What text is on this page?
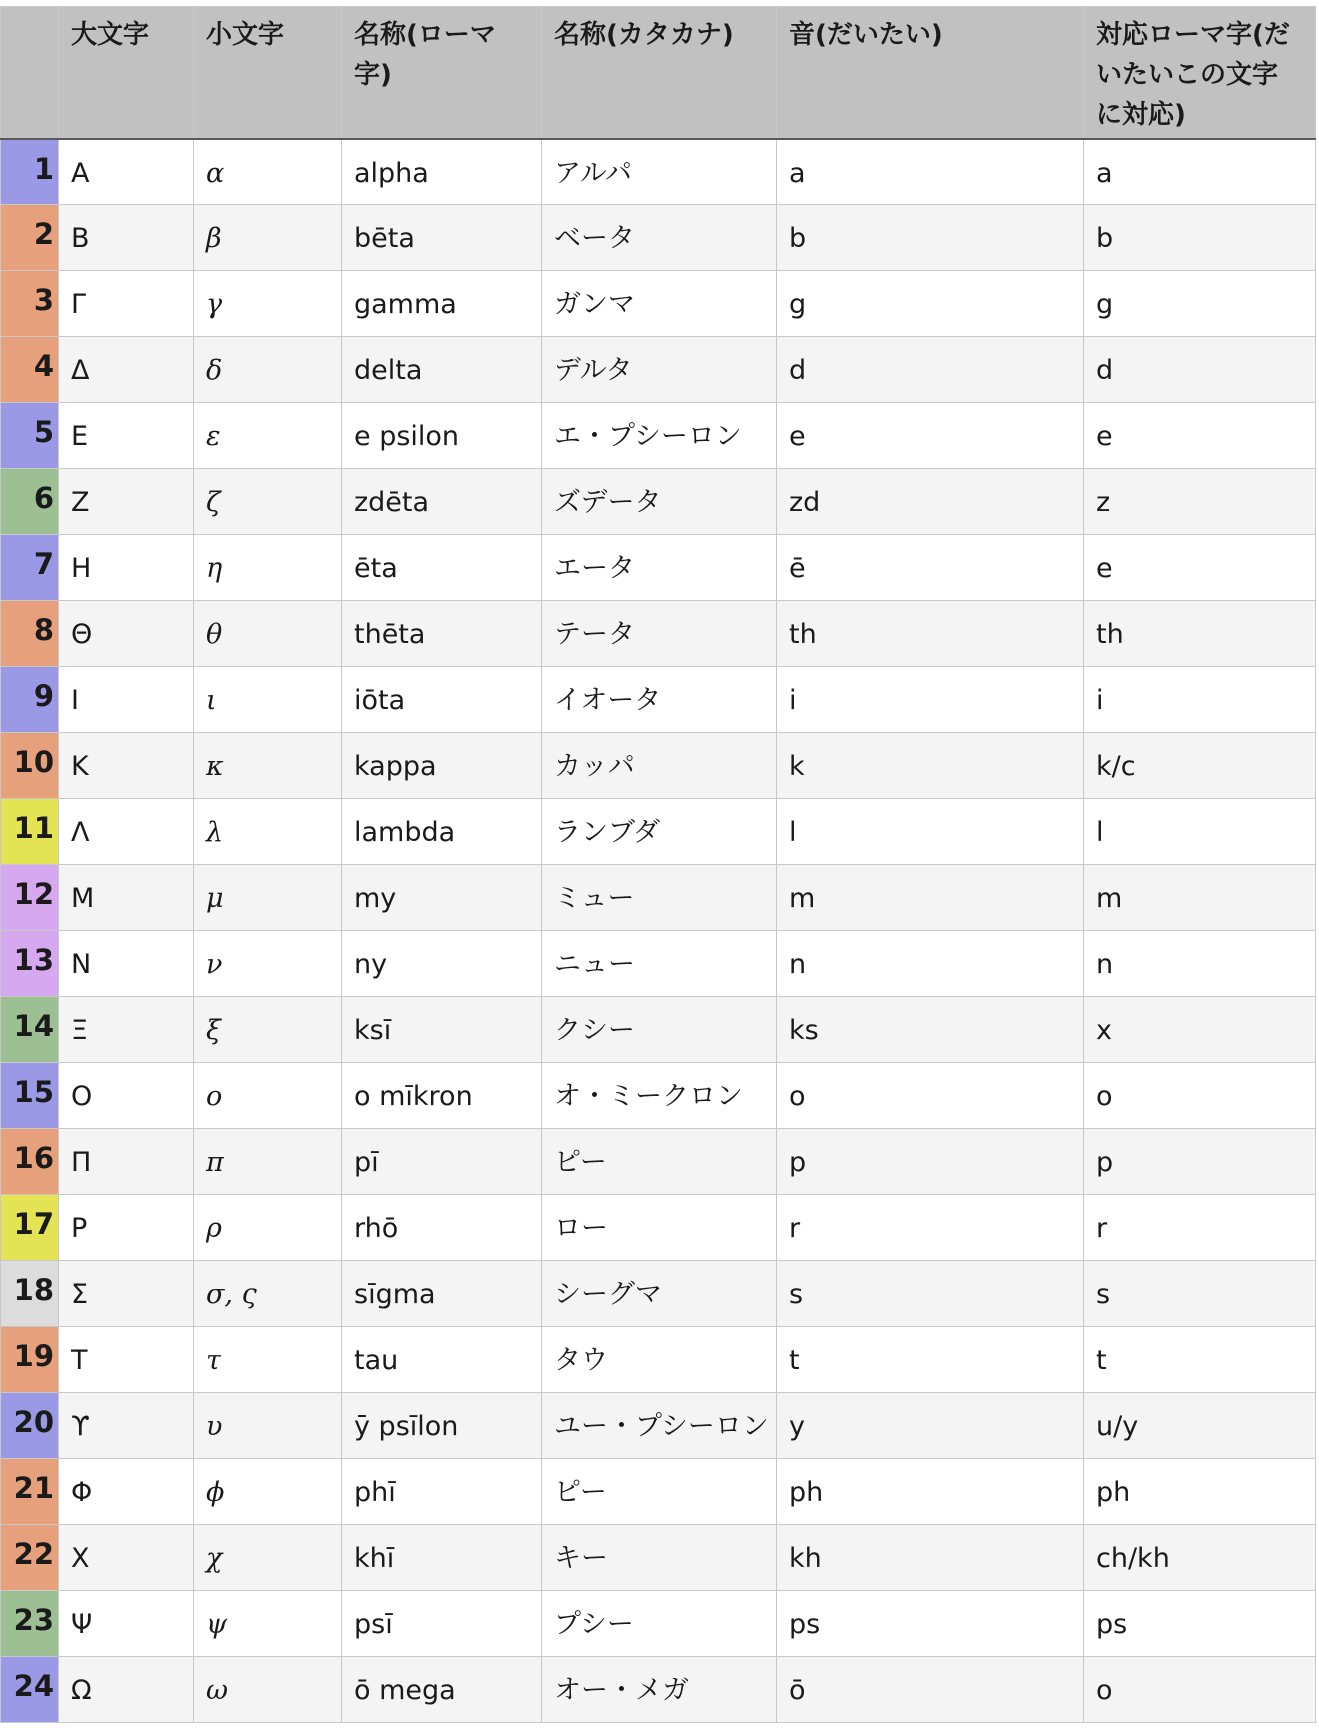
	大文字	小文字	名称(ローマ字)	名称(カタカナ)	音(だいたい)	対応ローマ字(だいたいこの文字に対応)
1	Α	α	alpha	アルパ	a	a
2	Β	β	bēta	ベータ	b	b
3	Γ	γ	gamma	ガンマ	g	g
4	Δ	δ	delta	デルタ	d	d
5	Ε	ε	e psilon	エ・プシーロン	e	e
6	Ζ	ζ	zdēta	ズデータ	zd	z
7	Η	η	ēta	エータ	ē	e
8	Θ	θ	thēta	テータ	th	th
9	Ι	ι	iōta	イオータ	i	i
10	Κ	κ	kappa	カッパ	k	k/c
11	Λ	λ	lambda	ランブダ	l	l
12	Μ	μ	my	ミュー	m	m
13	Ν	ν	ny	ニュー	n	n
14	Ξ	ξ	ksī	クシー	ks	x
15	Ο	ο	o mīkron	オ・ミークロン	o	o
16	Π	π	pī	ピー	p	p
17	Ρ	ρ	rhō	ロー	r	r
18	Σ	σ, ς	sīgma	シーグマ	s	s
19	Τ	τ	tau	タウ	t	t
20	ϒ	υ	ȳ psīlon	ユー・プシーロン	y	u/y
21	Φ	ϕ	phī	ピー	ph	ph
22	Χ	χ	khī	キー	kh	ch/kh
23	Ψ	ψ	psī	プシー	ps	ps
24	Ω	ω	ō mega	オー・メガ	ō	o
